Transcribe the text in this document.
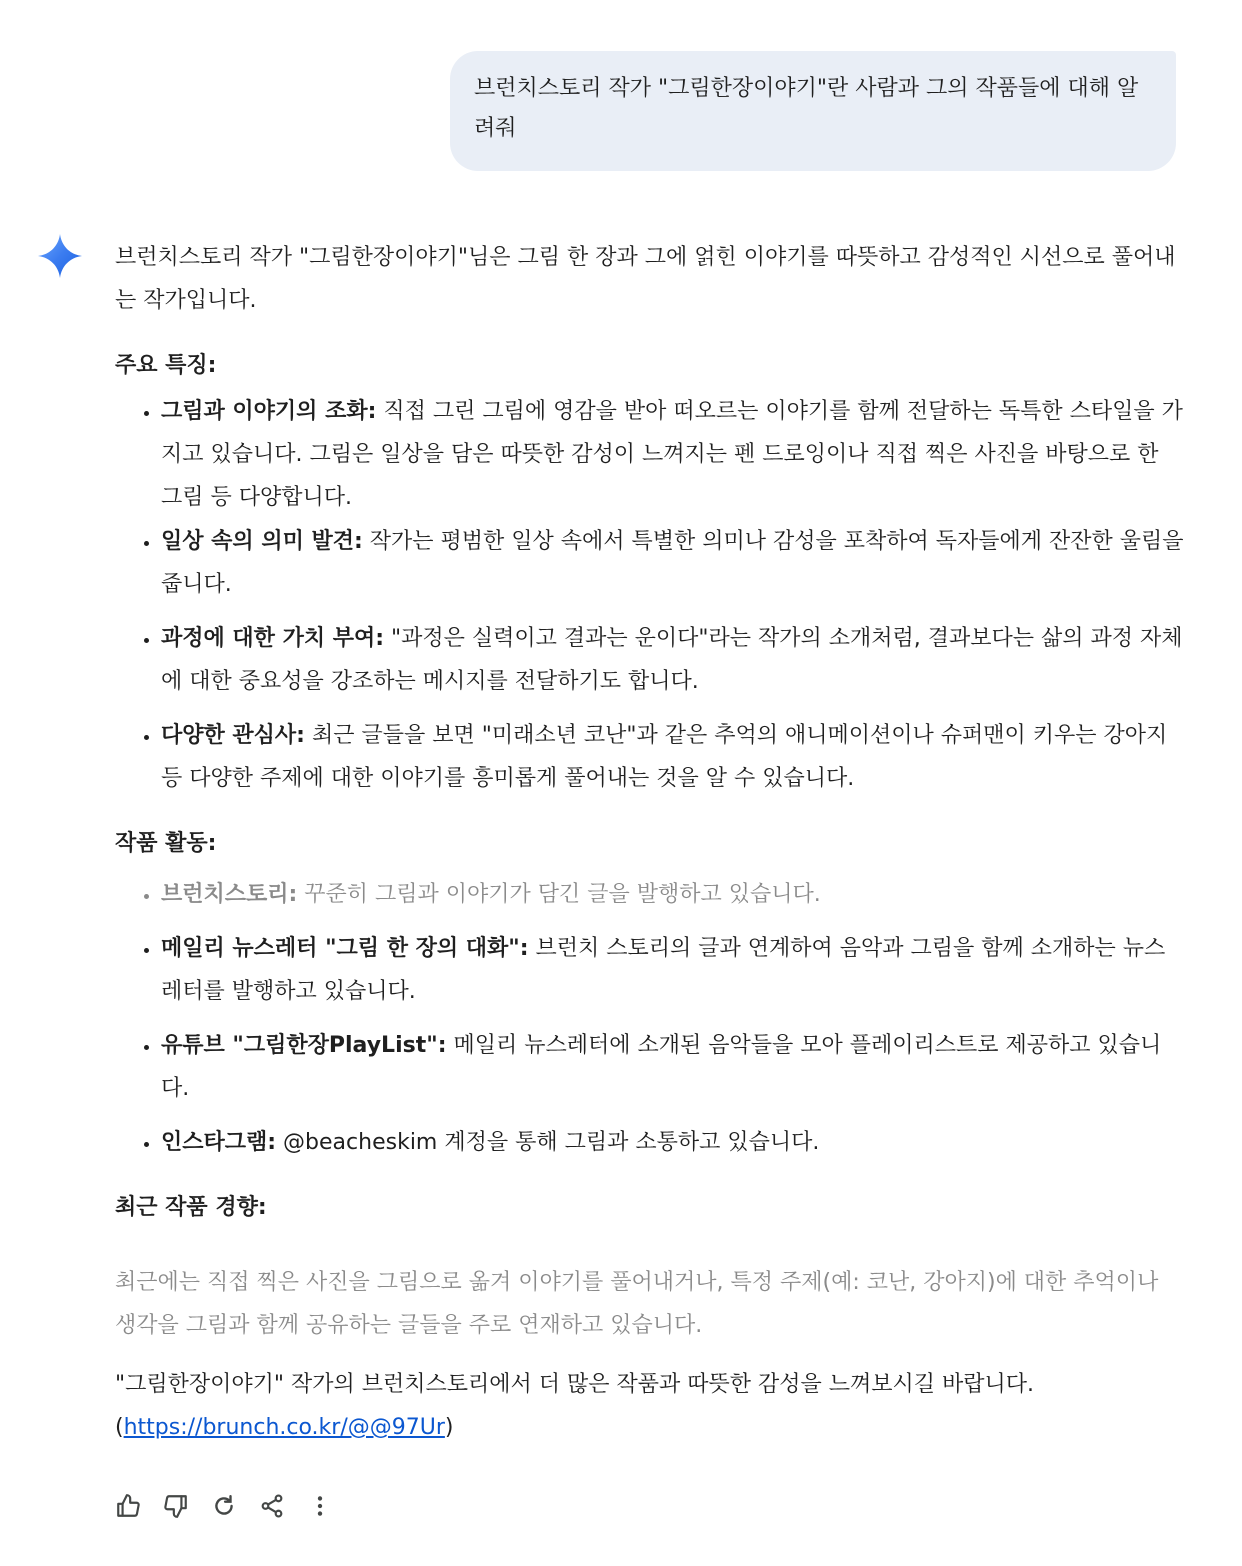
브런치스토리 작가 "그림한장이야기"란 사람과 그의 작품들에 대해 알려줘

브런치스토리 작가 "그림한장이야기"님은 그림 한 장과 그에 얽힌 이야기를 따뜻하고 감성적인 시선으로 풀어내는 작가입니다.

주요 특징:
• 그림과 이야기의 조화: 직접 그린 그림에 영감을 받아 떠오르는 이야기를 함께 전달하는 독특한 스타일을 가지고 있습니다. 그림은 일상을 담은 따뜻한 감성이 느껴지는 펜 드로잉이나 직접 찍은 사진을 바탕으로 한 그림 등 다양합니다.
• 일상 속의 의미 발견: 작가는 평범한 일상 속에서 특별한 의미나 감성을 포착하여 독자들에게 잔잔한 울림을 줍니다.
• 과정에 대한 가치 부여: "과정은 실력이고 결과는 운이다"라는 작가의 소개처럼, 결과보다는 삶의 과정 자체에 대한 중요성을 강조하는 메시지를 전달하기도 합니다.
• 다양한 관심사: 최근 글들을 보면 "미래소년 코난"과 같은 추억의 애니메이션이나 슈퍼맨이 키우는 강아지 등 다양한 주제에 대한 이야기를 흥미롭게 풀어내는 것을 알 수 있습니다.
작품 활동:
• 브런치스토리: 꾸준히 그림과 이야기가 담긴 글을 발행하고 있습니다.
• 메일리 뉴스레터 "그림 한 장의 대화": 브런치 스토리의 글과 연계하여 음악과 그림을 함께 소개하는 뉴스레터를 발행하고 있습니다.
• 유튜브 "그림한장PlayList": 메일리 뉴스레터에 소개된 음악들을 모아 플레이리스트로 제공하고 있습니다.
• 인스타그램: @beacheskim 계정을 통해 그림과 소통하고 있습니다.
최근 작품 경향:

최근에는 직접 찍은 사진을 그림으로 옮겨 이야기를 풀어내거나, 특정 주제(예: 코난, 강아지)에 대한 추억이나 생각을 그림과 함께 공유하는 글들을 주로 연재하고 있습니다.

"그림한장이야기" 작가의 브런치스토리에서 더 많은 작품과 따뜻한 감성을 느껴보시길 바랍니다.
(https://brunch.co.kr/@@97Ur)
